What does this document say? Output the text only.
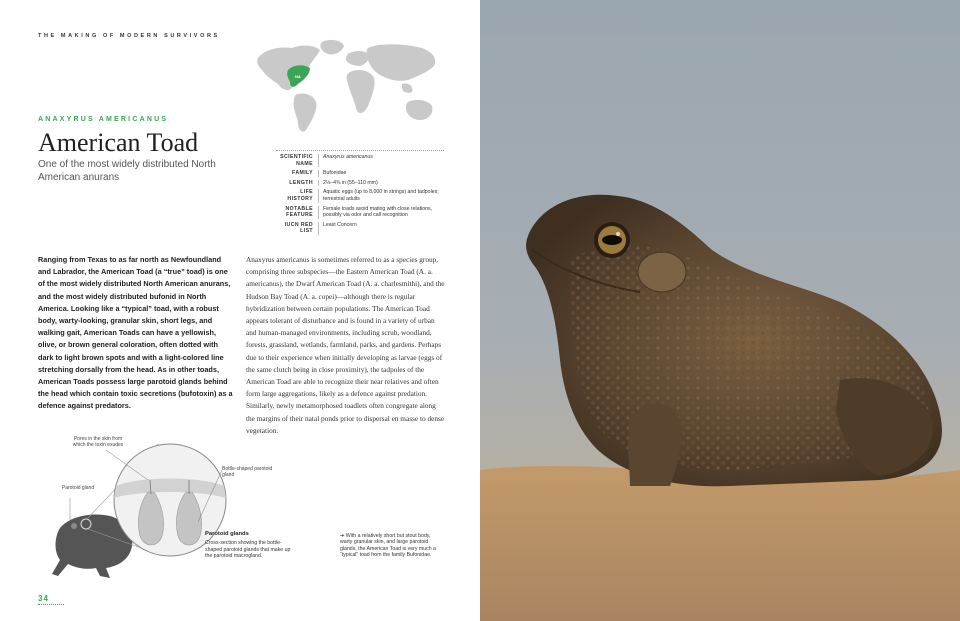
THE MAKING OF MODERN SURVIVORS
NA
ANAXYRUS AMERICANUS
American Toad
One of the most widely distributed North American anurans
SCIENTIFIC NAME
Anaxyrus americanus
FAMILY	Bufonidae
LENGTH	2⅛–4⅜ in (55–110 mm)
LIFE HISTORY
Aquatic eggs (up to 8,000 in strings) and tadpoles; terrestrial adults
NOTABLE FEATURE
Female toads avoid mating with close relations, possibly via odor and call recognition
IUCN RED LIST
Least Concern
Ranging from Texas to as far north as Newfoundland and Labrador, the American Toad (a “true” toad) is one of the most widely distributed North American anurans, and the most widely distributed bufonid in North America. Looking like a “typical” toad, with a robust body, warty-looking, granular skin, short legs, and walking gait, American Toads can have a yellowish, olive, or brown general coloration, often dotted with dark to light brown spots and with a light-colored line stretching dorsally from the head. As in other toads, American Toads possess large parotoid glands behind the head which contain toxic secretions (bufotoxin) as a defence against predators.

Anaxyrus americanus is sometimes referred to as a species group, comprising three subspecies—the Eastern American Toad (A. a. americanus), the Dwarf American Toad (A. a. charlesmithi), and the Hudson Bay Toad (A. a. copei)—although there is regular hybridization between certain populations. The American Toad appears tolerant of disturbance and is found in a variety of urban and human-managed environments, including scrub, woodland, forests, grassland, wetlands, farmland, parks, and gardens. Perhaps due to their experience when initially developing as larvae (eggs of the same clutch being in close proximity), the tadpoles of the American Toad are able to recognize their near relatives and often form large aggregations, likely as a defence against predation. Similarly, newly metamorphosed toadlets often congregate along the margins of their natal ponds prior to dispersal en masse to dense vegetation.

Pores in the skin from which the toxin exudes
Parotoid gland
Bottle-shaped parotoid gland
Parotoid glands
Cross-section showing the bottle-shaped parotoid glands that make up the parotoid macrogland.
➔ With a relatively short but stout body, warty granular skin, and large parotoid glands, the American Toad is very much a “typical” toad from the family Bufonidae.
34
